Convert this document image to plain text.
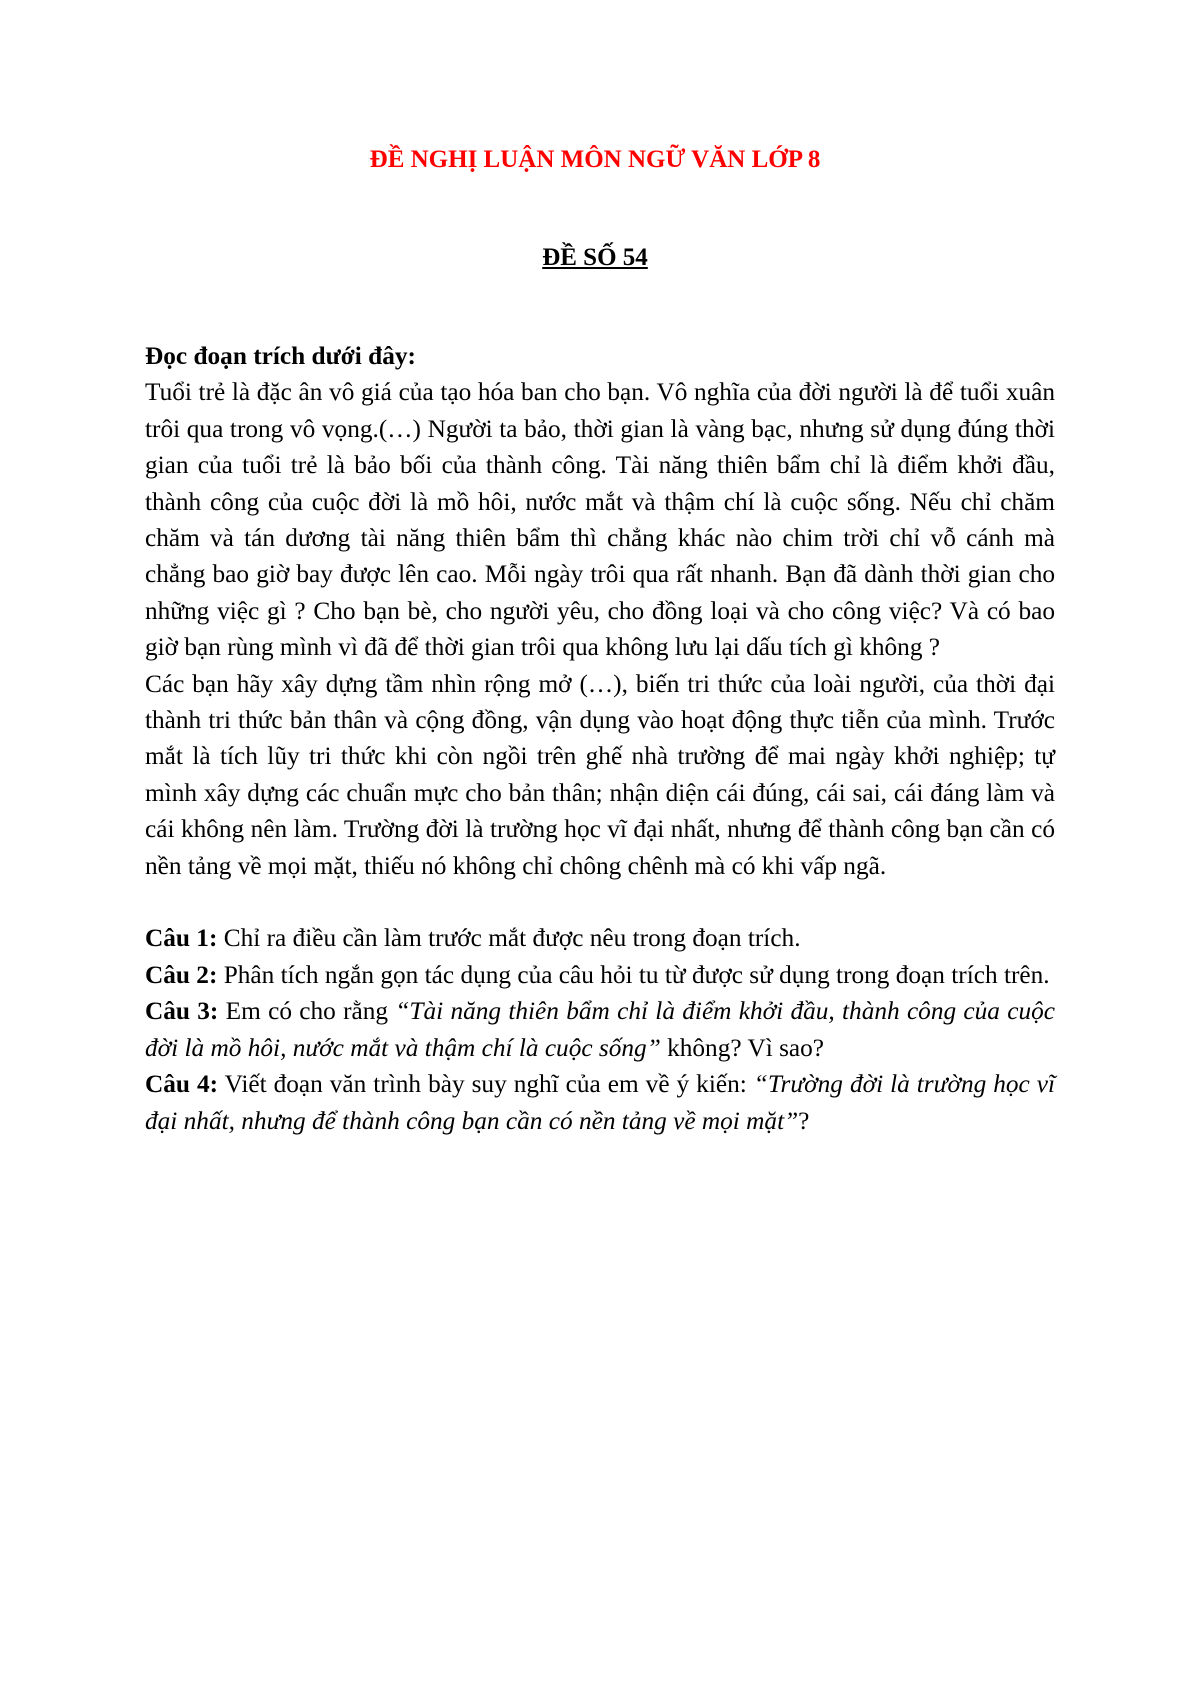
ĐỀ NGHỊ LUẬN MÔN NGỮ VĂN LỚP 8
ĐỀ SỐ 54

Đọc đoạn trích dưới đây:

Tuổi trẻ là đặc ân vô giá của tạo hóa ban cho bạn. Vô nghĩa của đời người là để tuổi xuân trôi qua trong vô vọng.(…) Người ta bảo, thời gian là vàng bạc, nhưng sử dụng đúng thời gian của tuổi trẻ là bảo bối của thành công. Tài năng thiên bẩm chỉ là điểm khởi đầu, thành công của cuộc đời là mồ hôi, nước mắt và thậm chí là cuộc sống. Nếu chỉ chăm chăm và tán dương tài năng thiên bẩm thì chẳng khác nào chim trời chỉ vỗ cánh mà chẳng bao giờ bay được lên cao. Mỗi ngày trôi qua rất nhanh. Bạn đã dành thời gian cho những việc gì ? Cho bạn bè, cho người yêu, cho đồng loại và cho công việc? Và có bao giờ bạn rùng mình vì đã để thời gian trôi qua không lưu lại dấu tích gì không ?

Các bạn hãy xây dựng tầm nhìn rộng mở (…), biến tri thức của loài người, của thời đại thành tri thức bản thân và cộng đồng, vận dụng vào hoạt động thực tiễn của mình. Trước mắt là tích lũy tri thức khi còn ngồi trên ghế nhà trường để mai ngày khởi nghiệp; tự mình xây dựng các chuẩn mực cho bản thân; nhận diện cái đúng, cái sai, cái đáng làm và cái không nên làm. Trường đời là trường học vĩ đại nhất, nhưng để thành công bạn cần có nền tảng về mọi mặt, thiếu nó không chỉ chông chênh mà có khi vấp ngã.

Câu 1: Chỉ ra điều cần làm trước mắt được nêu trong đoạn trích.

Câu 2: Phân tích ngắn gọn tác dụng của câu hỏi tu từ được sử dụng trong đoạn trích trên.

Câu 3: Em có cho rằng “Tài năng thiên bẩm chỉ là điểm khởi đầu, thành công của cuộc đời là mồ hôi, nước mắt và thậm chí là cuộc sống” không? Vì sao?

Câu 4: Viết đoạn văn trình bày suy nghĩ của em về ý kiến: “Trường đời là trường học vĩ đại nhất, nhưng để thành công bạn cần có nền tảng về mọi mặt”?
